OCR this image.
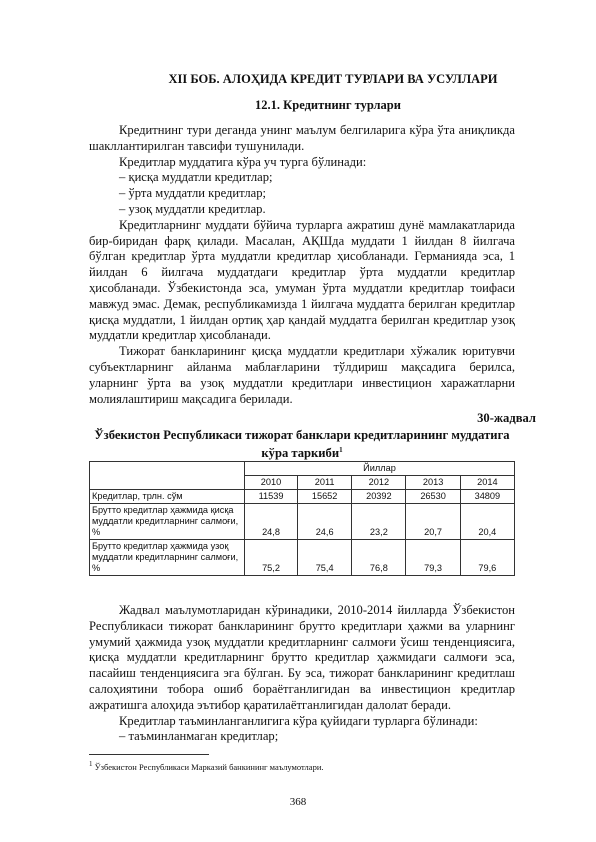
XII БОБ. АЛОҲИДА КРЕДИТ ТУРЛАРИ ВА УСУЛЛАРИ
12.1. Кредитнинг турлари

Кредитнинг тури деганда унинг маълум белгиларига кўра ўта аниқликда шакллантирилган тавсифи тушунилади.

Кредитлар муддатига кўра уч турга бўлинади:

– қисқа муддатли кредитлар;

– ўрта муддатли кредитлар;

– узоқ муддатли кредитлар.

Кредитларнинг муддати бўйича турларга ажратиш дунё мамлакатларида бир-биридан фарқ қилади. Масалан, АҚШда муддати 1 йилдан 8 йилгача бўлган кредитлар ўрта муддатли кредитлар ҳисобланади. Германияда эса, 1 йилдан 6 йилгача муддатдаги кредитлар ўрта муддатли кредитлар ҳисобланади. Ўзбекистонда эса, умуман ўрта муддатли кредитлар тоифаси мавжуд эмас. Демак, республикамизда 1 йилгача муддатга берилган кредитлар қисқа муддатли, 1 йилдан ортиқ ҳар қандай муддатга берилган кредитлар узоқ муддатли кредитлар ҳисобланади.

Тижорат банкларининг қисқа муддатли кредитлари хўжалик юритувчи субъектларнинг айланма маблағларини тўлдириш мақсадига берилса, уларнинг ўрта ва узоқ муддатли кредитлари инвестицион харажатларни молиялаштириш мақсадига берилади.

30-жадвал
Ўзбекистон Республикаси тижорат банклари кредитларининг муддатига кўра таркиби$^1$
	Йиллар				
	2010	2011	2012	2013	2014
Кредитлар, трлн. сўм	11539	15652	20392	26530	34809
Брутто кредитлар ҳажмида қисқа муддатли кредитларнинг салмоғи, %	24,8	24,6	23,2	20,7	20,4
Брутто кредитлар ҳажмида узоқ муддатли кредитларнинг салмоғи, %	75,2	75,4	76,8	79,3	79,6

Жадвал маълумотларидан кўринадики, 2010-2014 йилларда Ўзбекистон Республикаси тижорат банкларининг брутто кредитлари ҳажми ва уларнинг умумий ҳажмида узоқ муддатли кредитларнинг салмоғи ўсиш тенденциясига, қисқа муддатли кредитларнинг брутто кредитлар ҳажмидаги салмоғи эса, пасайиш тенденциясига эга бўлган. Бу эса, тижорат банкларининг кредитлаш салоҳиятини тобора ошиб бораётганлигидан ва инвестицион кредитлар ажратишга алоҳида эътибор қаратилаётганлигидан далолат беради.

Кредитлар таъминланганлигига кўра қуйидаги турларга бўлинади:

– таъминланмаган кредитлар;

$^1$ Ўзбекистон Республикаси Марказий банкининг маълумотлари.
368
